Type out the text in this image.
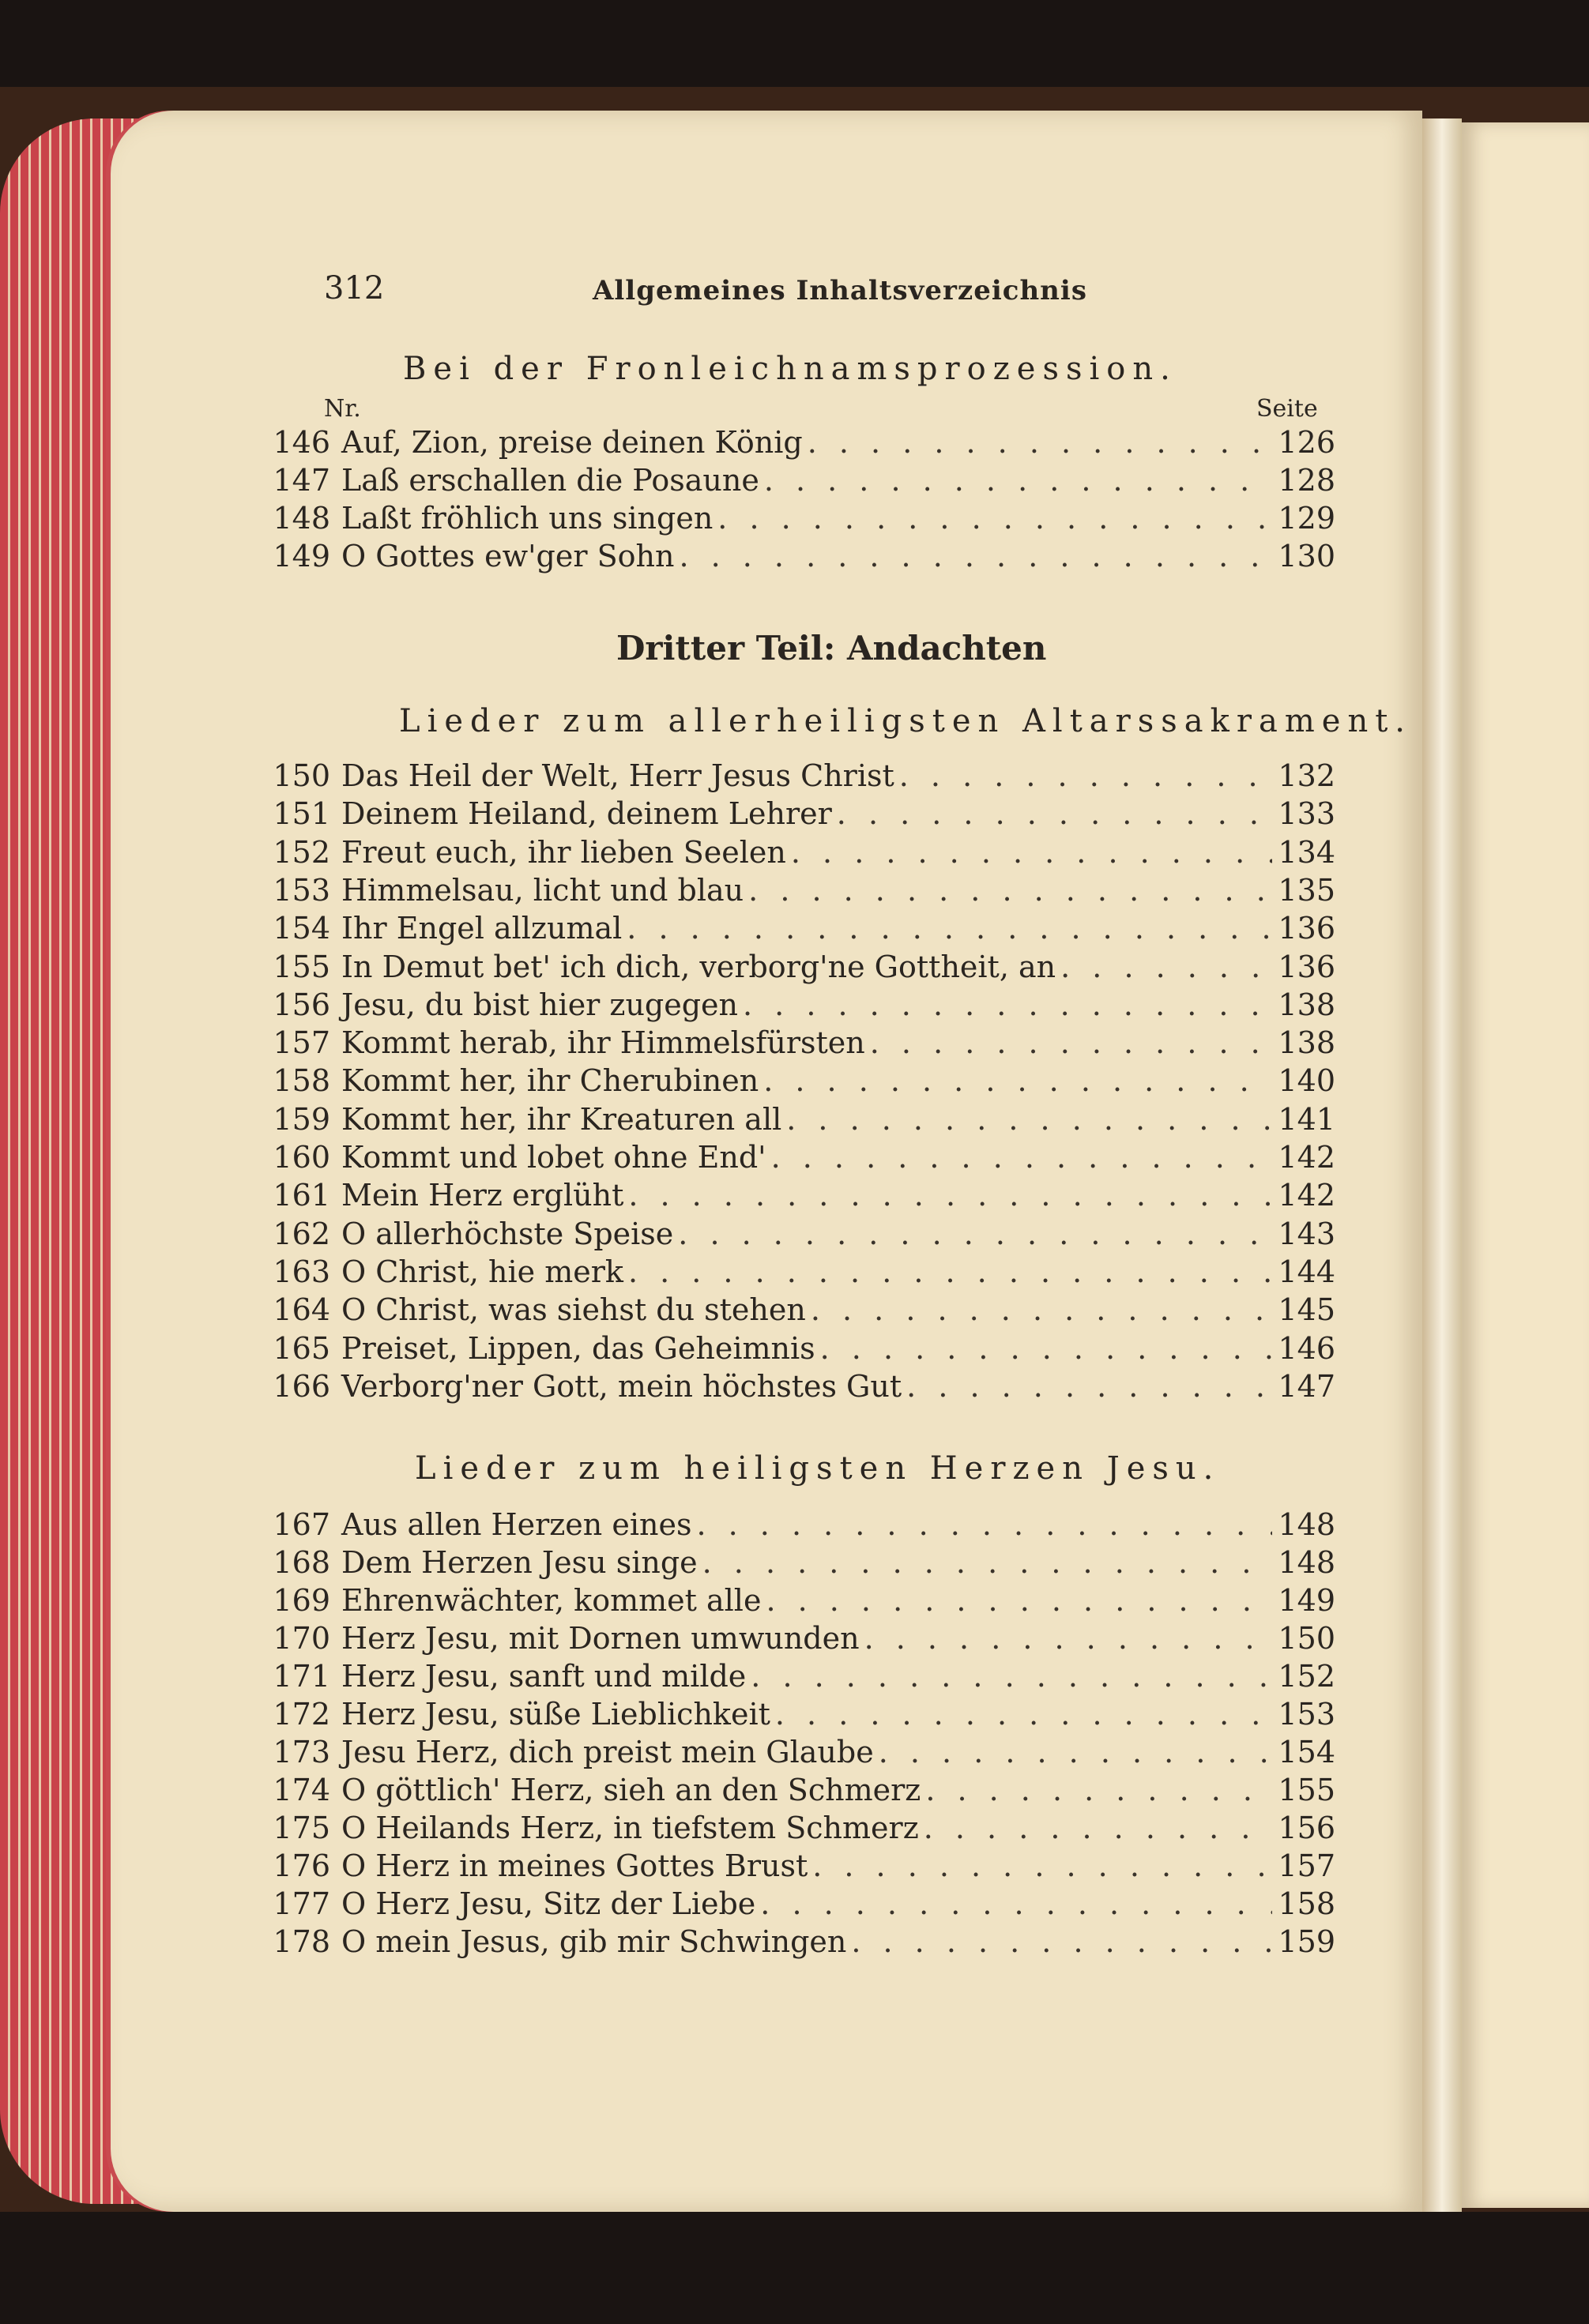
312	Allgemeines Inhaltsverzeichnis
Bei der Fronleichnamsprozession.
Nr.	Seite
146 Auf, Zion, preise deinen König . . .	126
147 Laß erschallen die Posaune . . .	128
148 Laßt fröhlich uns singen . . .	129
149 O Gottes ew'ger Sohn . . .	130
Dritter Teil: Andachten
Lieder zum allerheiligsten Altarssakrament.
150 Das Heil der Welt, Herr Jesus Christ . . .	132
151 Deinem Heiland, deinem Lehrer . . .	133
152 Freut euch, ihr lieben Seelen . . .	134
153 Himmelsau, licht und blau . . .	135
154 Ihr Engel allzumal . . .	136
155 In Demut bet' ich dich, verborg'ne Gottheit, an . . .	136
156 Jesu, du bist hier zugegen . . .	138
157 Kommt herab, ihr Himmelsfürsten . . .	138
158 Kommt her, ihr Cherubinen . . .	140
159 Kommt her, ihr Kreaturen all . . .	141
160 Kommt und lobet ohne End' . . .	142
161 Mein Herz erglüht . . .	142
162 O allerhöchste Speise . . .	143
163 O Christ, hie merk . . .	144
164 O Christ, was siehst du stehen . . .	145
165 Preiset, Lippen, das Geheimnis . . .	146
166 Verborg'ner Gott, mein höchstes Gut . . .	147
Lieder zum heiligsten Herzen Jesu.
167 Aus allen Herzen eines . . .	148
168 Dem Herzen Jesu singe . . .	148
169 Ehrenwächter, kommet alle . . .	149
170 Herz Jesu, mit Dornen umwunden . . .	150
171 Herz Jesu, sanft und milde . . .	152
172 Herz Jesu, süße Lieblichkeit . . .	153
173 Jesu Herz, dich preist mein Glaube . . .	154
174 O göttlich' Herz, sieh an den Schmerz . . .	155
175 O Heilands Herz, in tiefstem Schmerz . . .	156
176 O Herz in meines Gottes Brust . . .	157
177 O Herz Jesu, Sitz der Liebe . . .	158
178 O mein Jesus, gib mir Schwingen . . .	159
